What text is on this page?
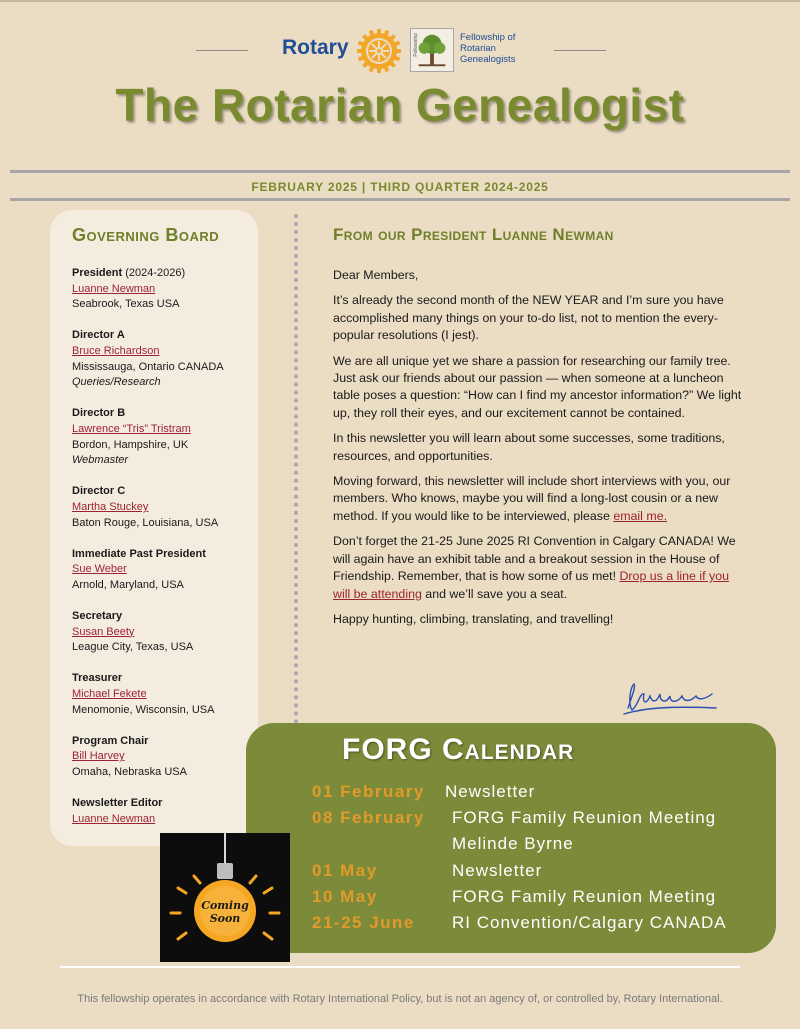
Rotary	Fellowship	Fellowship of
Rotarian
Genealogists
The Rotarian Genealogist
FEBRUARY 2025 | THIRD QUARTER 2024-2025
Governing Board
President (2024-2026)
Luanne Newman
Seabrook, Texas USA
Director A
Bruce Richardson
Mississauga, Ontario CANADA
Queries/Research
Director B
Lawrence “Tris” Tristram
Bordon, Hampshire, UK
Webmaster
Director C
Martha Stuckey
Baton Rouge, Louisiana, USA
Immediate Past President
Sue Weber
Arnold, Maryland, USA
Secretary
Susan Beety
League City, Texas, USA
Treasurer
Michael Fekete
Menomonie, Wisconsin, USA
Program Chair
Bill Harvey
Omaha, Nebraska USA
Newsletter Editor
Luanne Newman
From our President Luanne Newman

Dear Members,

It’s already the second month of the NEW YEAR and I’m sure you have accomplished many things on your to-do list, not to mention the every-popular resolutions (I jest).

We are all unique yet we share a passion for researching our family tree. Just ask our friends about our passion — when someone at a luncheon table poses a question: “How can I find my ancestor information?” We light up, they roll their eyes, and our excitement cannot be contained.

In this newsletter you will learn about some successes, some traditions, resources, and opportunities.

Moving forward, this newsletter will include short interviews with you, our members. Who knows, maybe you will find a long-lost cousin or a new method. If you would like to be interviewed, please email me.

Don’t forget the 21-25 June 2025 RI Convention in Calgary CANADA! We will again have an exhibit table and a breakout session in the House of Friendship. Remember, that is how some of us met! Drop us a line if you will be attending and we’ll save you a seat.

Happy hunting, climbing, translating, and travelling!

FORG Calendar
01 February Newsletter
08 February FORG Family Reunion Meeting
Melinde Byrne
01 May	Newsletter
10 May	FORG Family Reunion Meeting
21-25 June RI Convention/Calgary CANADA
Coming
Soon
This fellowship operates in accordance with Rotary International Policy, but is not an agency of, or controlled by, Rotary International.
